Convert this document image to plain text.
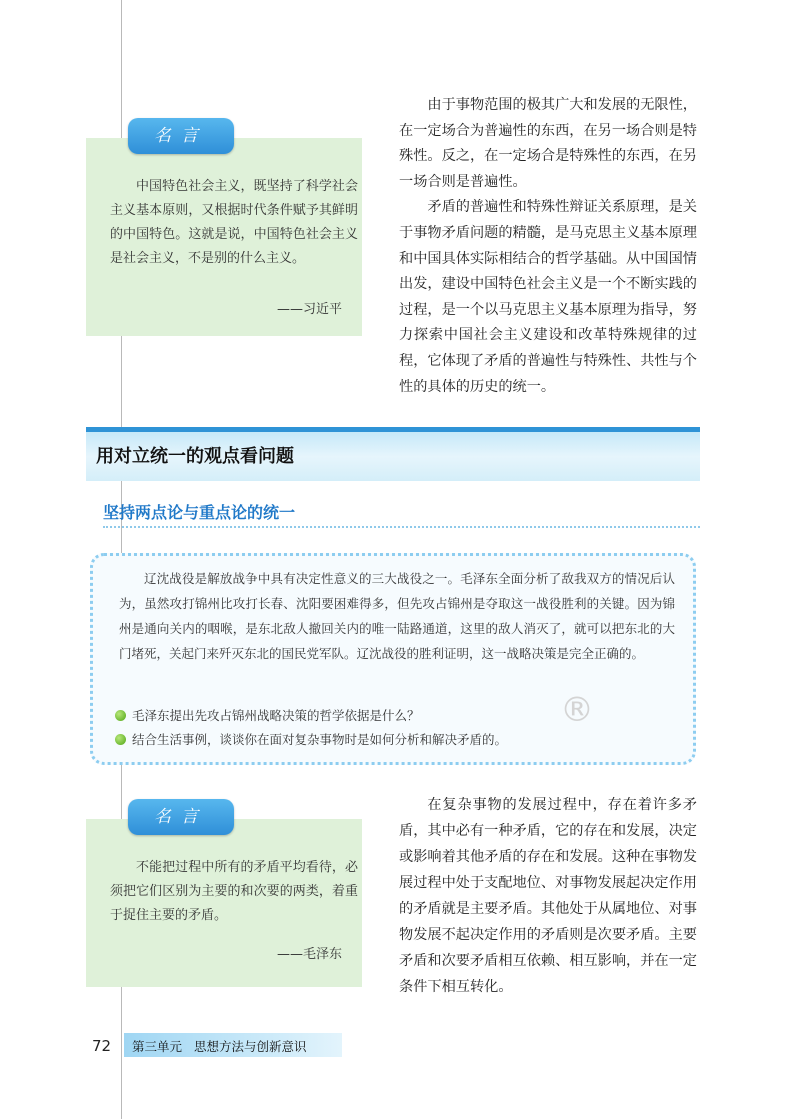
名言
中国特色社会主义，既坚持了科学社会主义基本原则，又根据时代条件赋予其鲜明的中国特色。这就是说，中国特色社会主义是社会主义，不是别的什么主义。
——习近平

由于事物范围的极其广大和发展的无限性，在一定场合为普遍性的东西，在另一场合则是特殊性。反之，在一定场合是特殊性的东西，在另一场合则是普遍性。

矛盾的普遍性和特殊性辩证关系原理，是关于事物矛盾问题的精髓，是马克思主义基本原理和中国具体实际相结合的哲学基础。从中国国情出发，建设中国特色社会主义是一个不断实践的过程，是一个以马克思主义基本原理为指导，努力探索中国社会主义建设和改革特殊规律的过程，它体现了矛盾的普遍性与特殊性、共性与个性的具体的历史的统一。

用对立统一的观点看问题
坚持两点论与重点论的统一
辽沈战役是解放战争中具有决定性意义的三大战役之一。毛泽东全面分析了敌我双方的情况后认为，虽然攻打锦州比攻打长春、沈阳要困难得多，但先攻占锦州是夺取这一战役胜利的关键。因为锦州是通向关内的咽喉，是东北敌人撤回关内的唯一陆路通道，这里的敌人消灭了，就可以把东北的大门堵死，关起门来歼灭东北的国民党军队。辽沈战役的胜利证明，这一战略决策是完全正确的。
毛泽东提出先攻占锦州战略决策的哲学依据是什么？
结合生活事例，谈谈你在面对复杂事物时是如何分析和解决矛盾的。
®
名言
不能把过程中所有的矛盾平均看待，必须把它们区别为主要的和次要的两类，着重于捉住主要的矛盾。
——毛泽东

在复杂事物的发展过程中，存在着许多矛盾，其中必有一种矛盾，它的存在和发展，决定或影响着其他矛盾的存在和发展。这种在事物发展过程中处于支配地位、对事物发展起决定作用的矛盾就是主要矛盾。其他处于从属地位、对事物发展不起决定作用的矛盾则是次要矛盾。主要矛盾和次要矛盾相互依赖、相互影响，并在一定条件下相互转化。

72 第三单元 思想方法与创新意识
